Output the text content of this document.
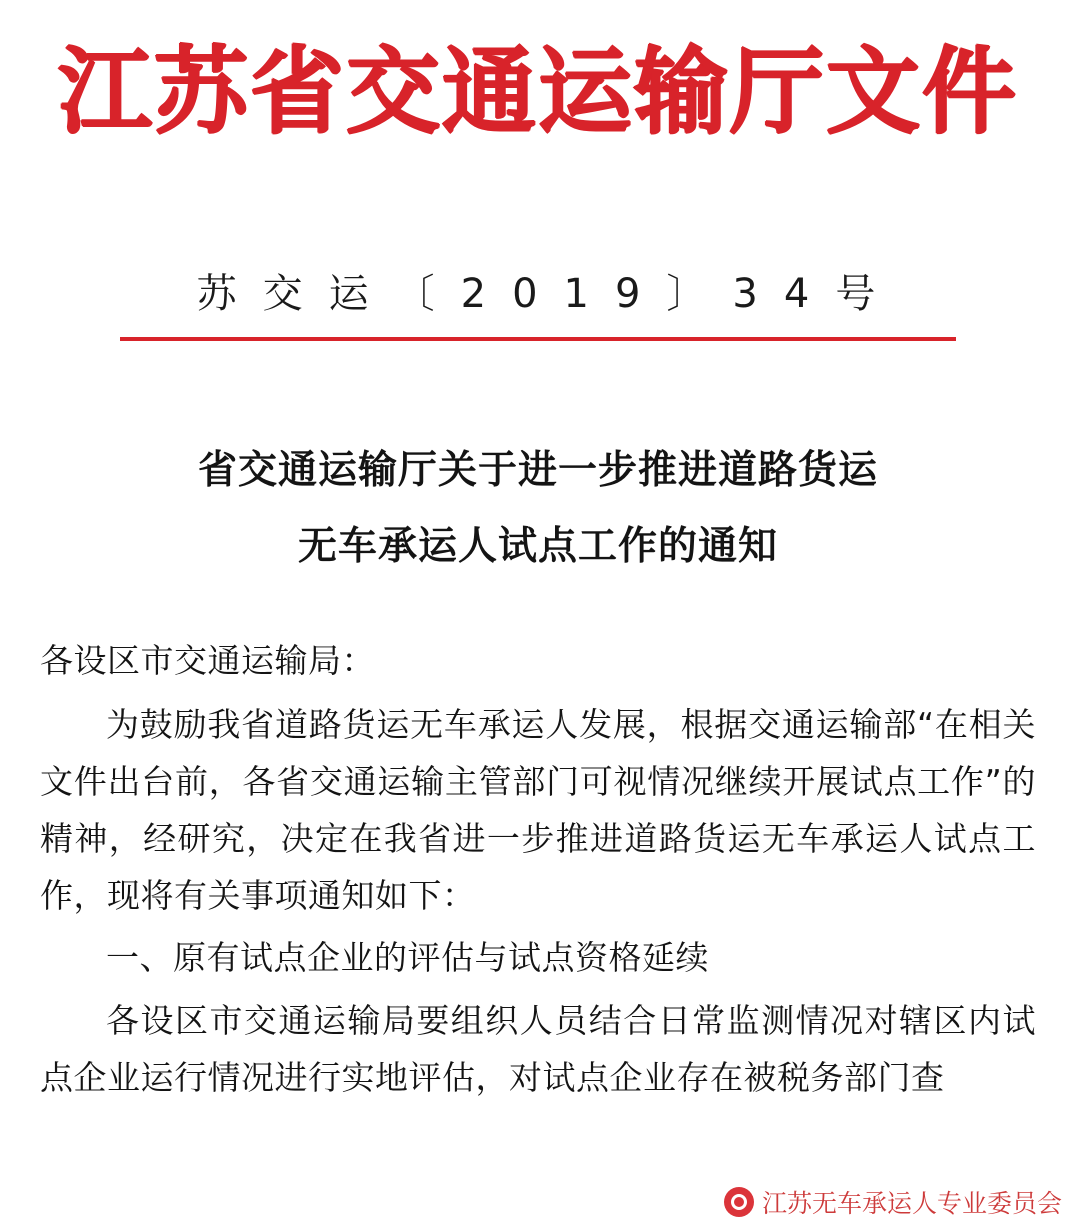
江苏省交通运输厅文件
苏交运〔2019〕34号
省交通运输厅关于进一步推进道路货运
无车承运人试点工作的通知
各设区市交通运输局：
为鼓励我省道路货运无车承运人发展，根据交通运输部“在相关文件出台前，各省交通运输主管部门可视情况继续开展试点工作”的精神，经研究，决定在我省进一步推进道路货运无车承运人试点工作，现将有关事项通知如下：
一、原有试点企业的评估与试点资格延续
各设区市交通运输局要组织人员结合日常监测情况对辖区内试点企业运行情况进行实地评估，对试点企业存在被税务部门查
江苏无车承运人专业委员会
